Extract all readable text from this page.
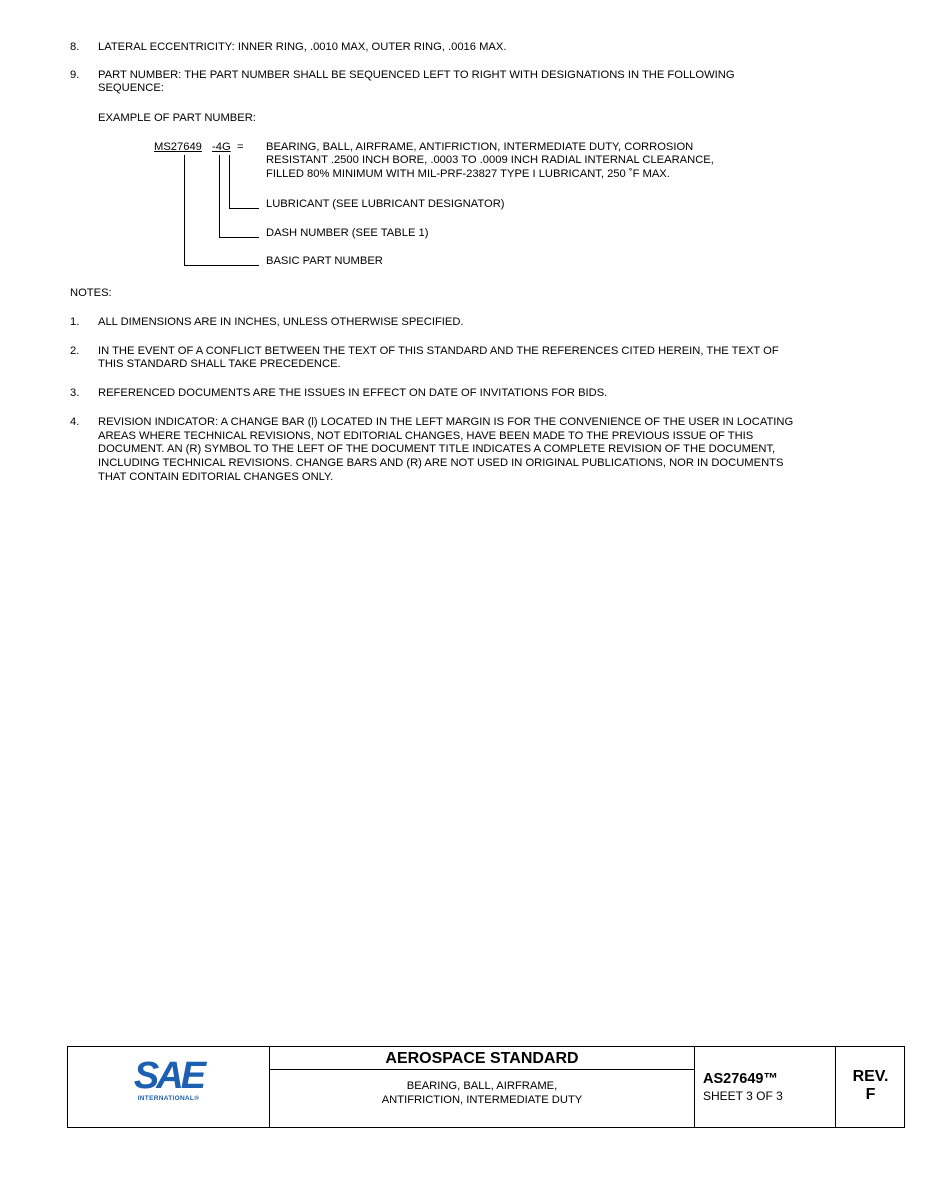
8. LATERAL ECCENTRICITY: INNER RING, .0010 MAX, OUTER RING, .0016 MAX.
9. PART NUMBER: THE PART NUMBER SHALL BE SEQUENCED LEFT TO RIGHT WITH DESIGNATIONS IN THE FOLLOWING
SEQUENCE:
EXAMPLE OF PART NUMBER:
MS27649 -4G = BEARING, BALL, AIRFRAME, ANTIFRICTION, INTERMEDIATE DUTY, CORROSION
RESISTANT .2500 INCH BORE, .0003 TO .0009 INCH RADIAL INTERNAL CLEARANCE,
FILLED 80% MINIMUM WITH MIL-PRF-23827 TYPE I LUBRICANT, 250 ˚F MAX.
LUBRICANT (SEE LUBRICANT DESIGNATOR)
DASH NUMBER (SEE TABLE 1)
BASIC PART NUMBER
NOTES:
1. ALL DIMENSIONS ARE IN INCHES, UNLESS OTHERWISE SPECIFIED.
2. IN THE EVENT OF A CONFLICT BETWEEN THE TEXT OF THIS STANDARD AND THE REFERENCES CITED HEREIN, THE TEXT OF
THIS STANDARD SHALL TAKE PRECEDENCE.
3. REFERENCED DOCUMENTS ARE THE ISSUES IN EFFECT ON DATE OF INVITATIONS FOR BIDS.
4. REVISION INDICATOR: A CHANGE BAR (l) LOCATED IN THE LEFT MARGIN IS FOR THE CONVENIENCE OF THE USER IN LOCATING
AREAS WHERE TECHNICAL REVISIONS, NOT EDITORIAL CHANGES, HAVE BEEN MADE TO THE PREVIOUS ISSUE OF THIS
DOCUMENT. AN (R) SYMBOL TO THE LEFT OF THE DOCUMENT TITLE INDICATES A COMPLETE REVISION OF THE DOCUMENT,
INCLUDING TECHNICAL REVISIONS. CHANGE BARS AND (R) ARE NOT USED IN ORIGINAL PUBLICATIONS, NOR IN DOCUMENTS
THAT CONTAIN EDITORIAL CHANGES ONLY.
SAE
INTERNATIONAL®
AEROSPACE STANDARD
BEARING, BALL, AIRFRAME,
ANTIFRICTION, INTERMEDIATE DUTY
AS27649™
SHEET 3 OF 3
REV.
F
